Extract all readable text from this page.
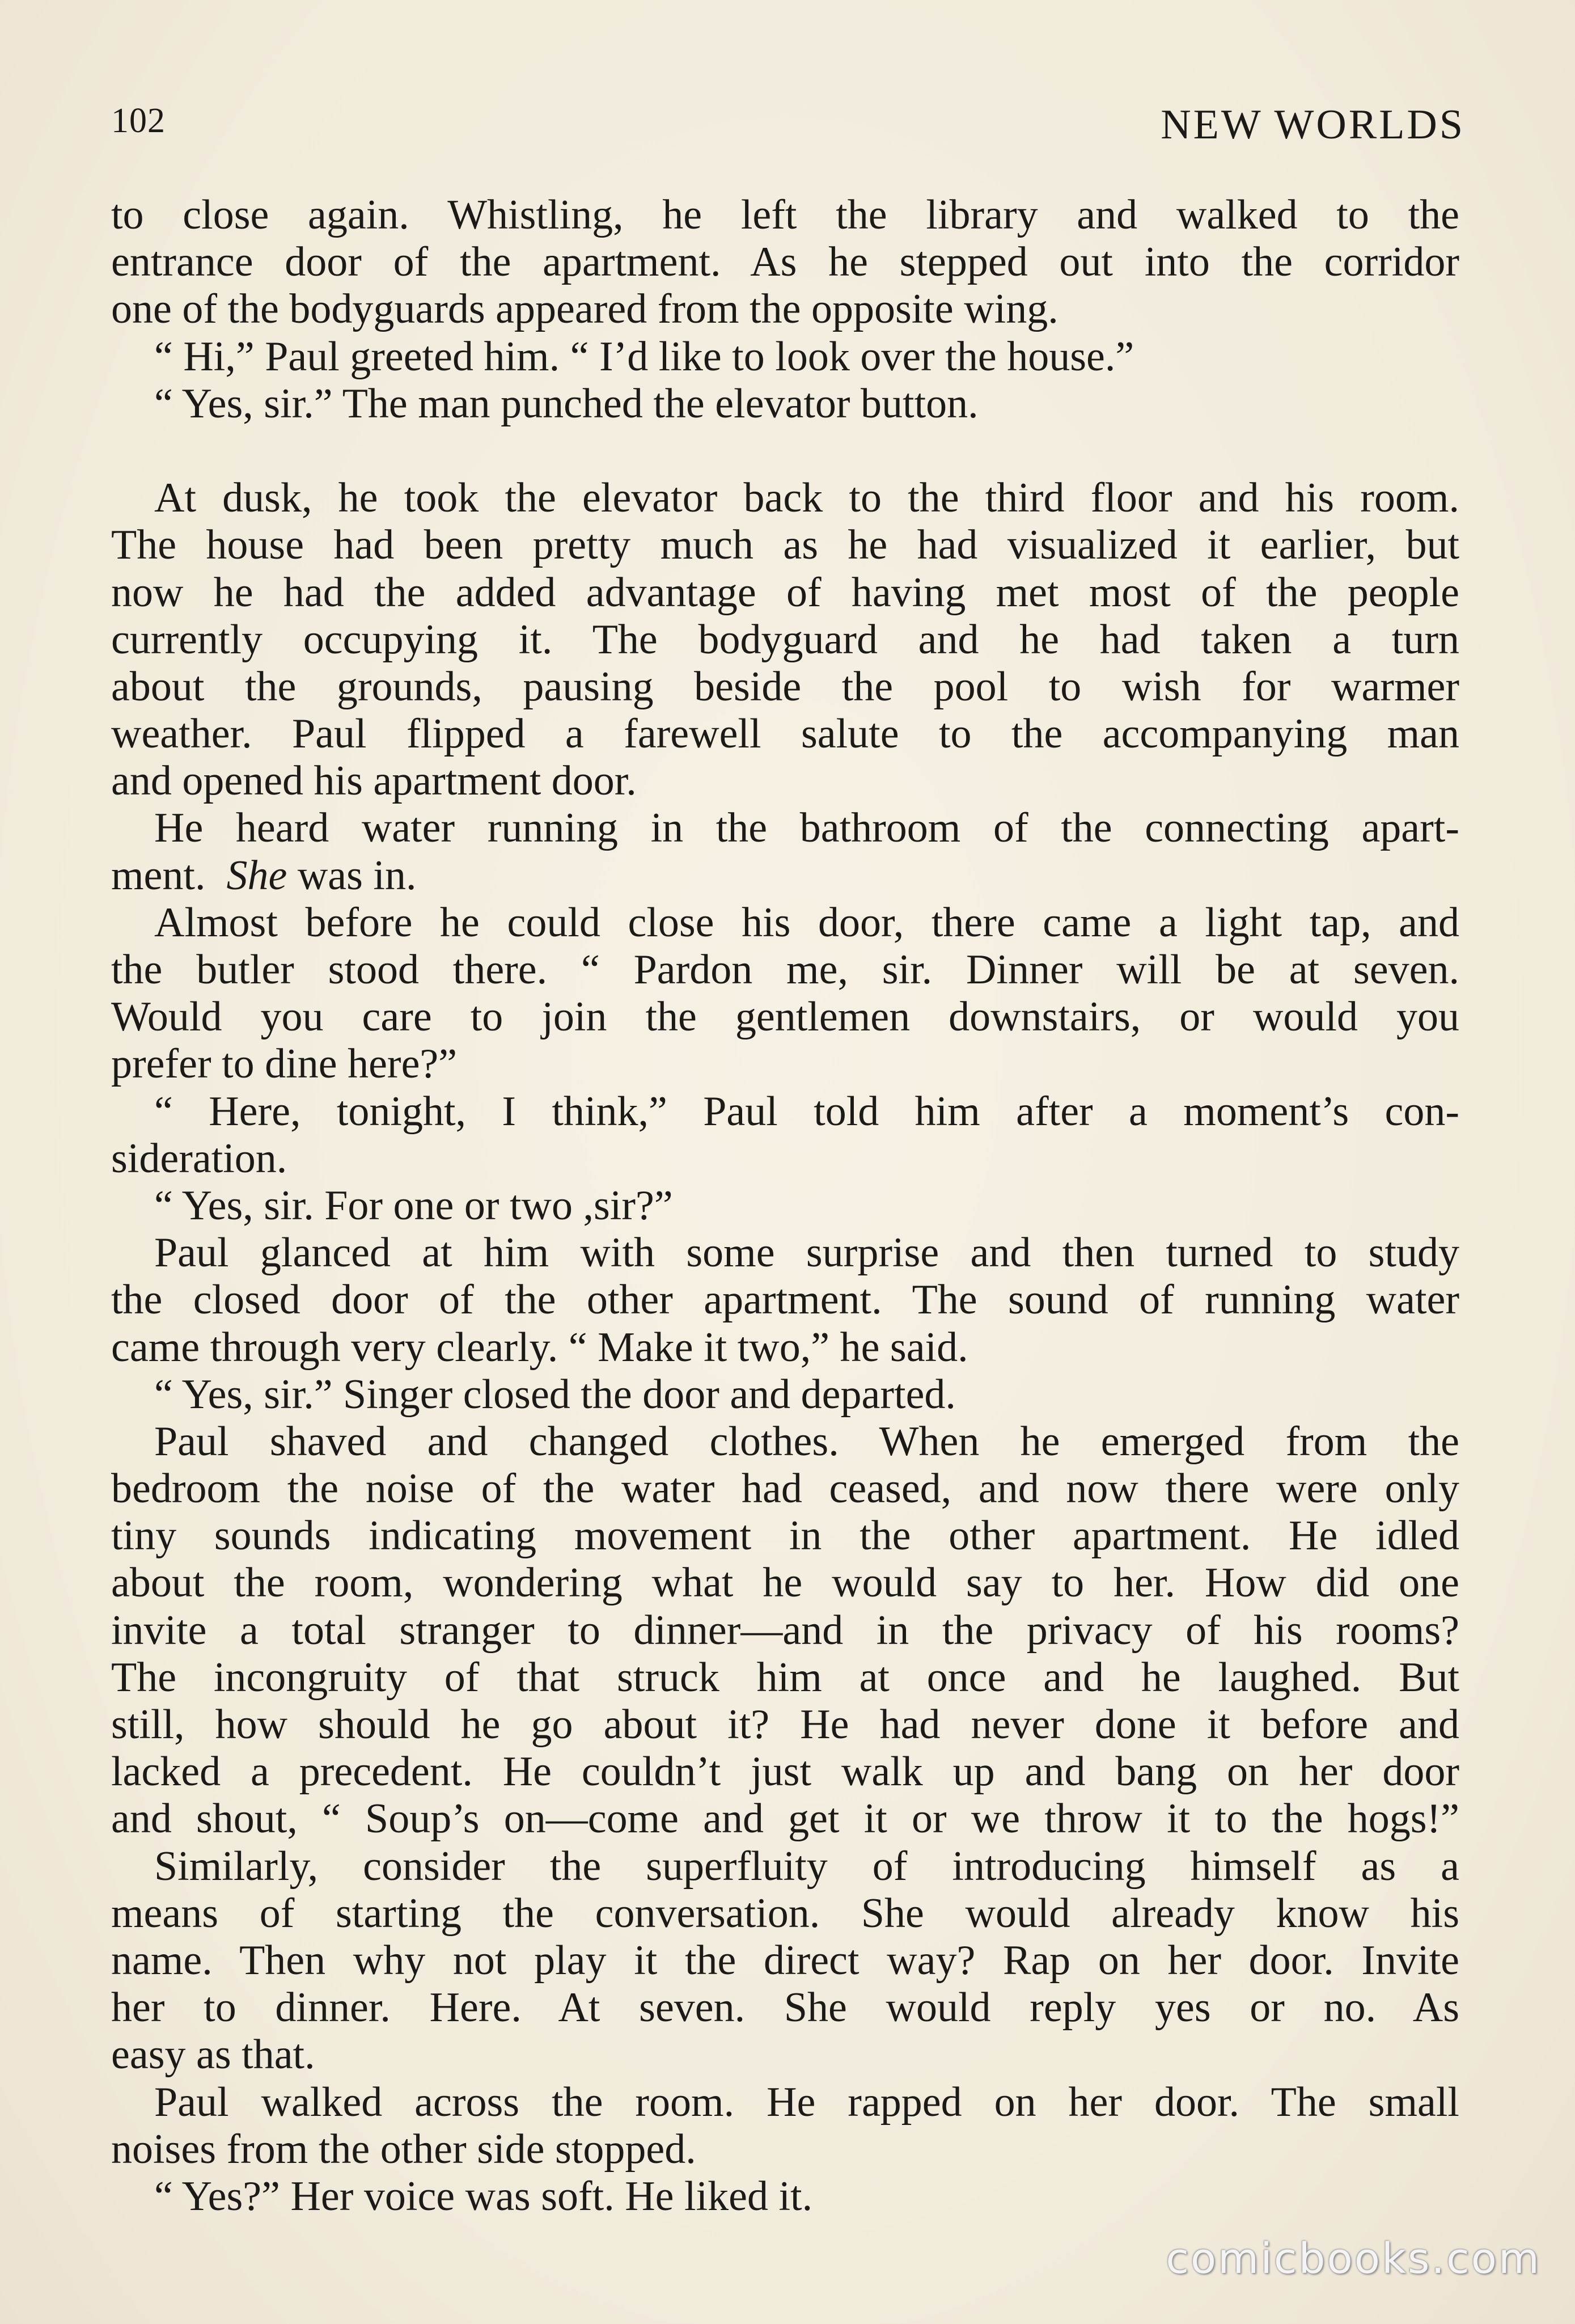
102	NEW WORLDS
to close again. Whistling, he left the library and walked to the
entrance door of the apartment. As he stepped out into the corridor
one of the bodyguards appeared from the opposite wing.
“ Hi,” Paul greeted him. “ I’d like to look over the house.”
“ Yes, sir.” The man punched the elevator button.
At dusk, he took the elevator back to the third floor and his room.
The house had been pretty much as he had visualized it earlier, but
now he had the added advantage of having met most of the people
currently occupying it. The bodyguard and he had taken a turn
about the grounds, pausing beside the pool to wish for warmer
weather. Paul flipped a farewell salute to the accompanying man
and opened his apartment door.
He heard water running in the bathroom of the connecting apart-
ment. She was in.
Almost before he could close his door, there came a light tap, and
the butler stood there. “ Pardon me, sir. Dinner will be at seven.
Would you care to join the gentlemen downstairs, or would you
prefer to dine here?”
“ Here, tonight, I think,” Paul told him after a moment’s con-
sideration.
“ Yes, sir. For one or two ,sir?”
Paul glanced at him with some surprise and then turned to study
the closed door of the other apartment. The sound of running water
came through very clearly. “ Make it two,” he said.
“ Yes, sir.” Singer closed the door and departed.
Paul shaved and changed clothes. When he emerged from the
bedroom the noise of the water had ceased, and now there were only
tiny sounds indicating movement in the other apartment. He idled
about the room, wondering what he would say to her. How did one
invite a total stranger to dinner—and in the privacy of his rooms?
The incongruity of that struck him at once and he laughed. But
still, how should he go about it? He had never done it before and
lacked a precedent. He couldn’t just walk up and bang on her door
and shout, “ Soup’s on—come and get it or we throw it to the hogs!”
Similarly, consider the superfluity of introducing himself as a
means of starting the conversation. She would already know his
name. Then why not play it the direct way? Rap on her door. Invite
her to dinner. Here. At seven. She would reply yes or no. As
easy as that.
Paul walked across the room. He rapped on her door. The small
noises from the other side stopped.
“ Yes?” Her voice was soft. He liked it.
comicbooks.com
